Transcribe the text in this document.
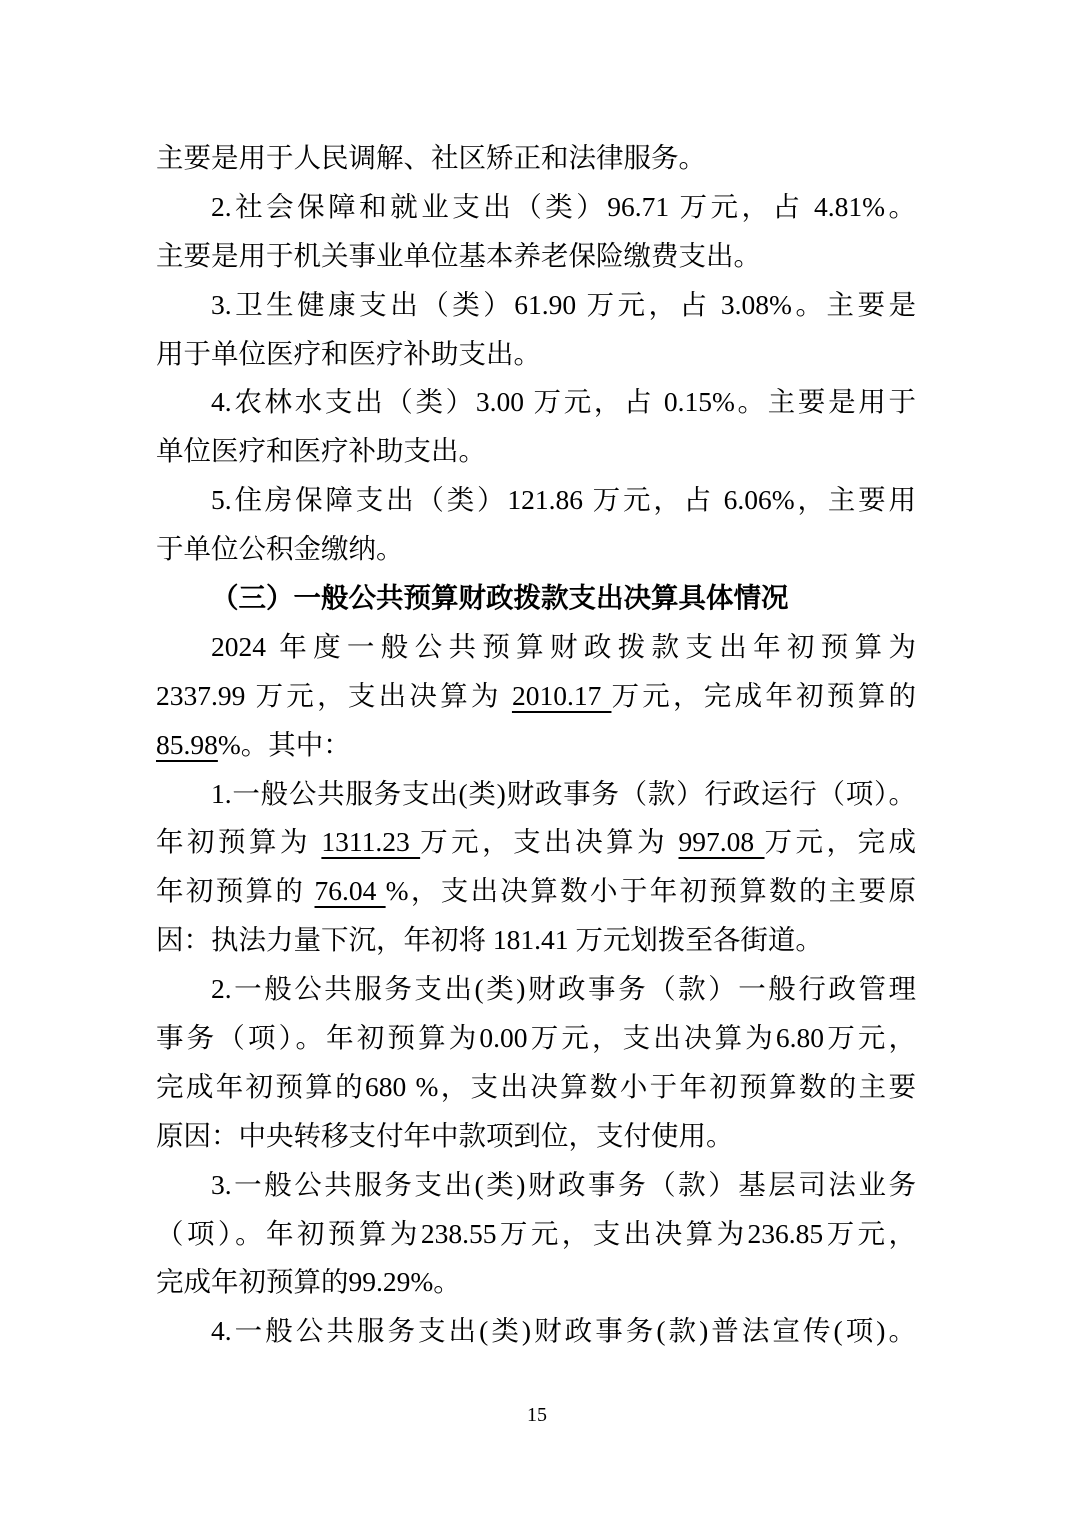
主要是用于人民调解、社区矫正和法律服务。
2.社会保障和就业支出（类）96.71 万元，占 4.81%。
主要是用于机关事业单位基本养老保险缴费支出。
3.卫生健康支出（类）61.90 万元，占 3.08%。主要是
用于单位医疗和医疗补助支出。
4.农林水支出（类）3.00 万元，占 0.15%。主要是用于
单位医疗和医疗补助支出。
5.住房保障支出（类）121.86 万元，占 6.06%，主要用
于单位公积金缴纳。
（三）一般公共预算财政拨款支出决算具体情况
2024 年度一般公共预算财政拨款支出年初预算为
2337.99 万元，支出决算为 2010.17 万元，完成年初预算的
85.98%。其中：
1.一般公共服务支出(类)财政事务（款）行政运行（项）。
年初预算为 1311.23 万元，支出决算为 997.08 万元，完成
年初预算的 76.04 %，支出决算数小于年初预算数的主要原
因：执法力量下沉，年初将 181.41 万元划拨至各街道。
2.一般公共服务支出(类)财政事务（款）一般行政管理
事务（项）。年初预算为0.00万元，支出决算为6.80万元，
完成年初预算的680 %，支出决算数小于年初预算数的主要
原因：中央转移支付年中款项到位，支付使用。
3.一般公共服务支出(类)财政事务（款）基层司法业务
（项）。年初预算为238.55万元，支出决算为236.85万元，
完成年初预算的99.29%。
4.一般公共服务支出(类)财政事务(款)普法宣传(项)。
15
